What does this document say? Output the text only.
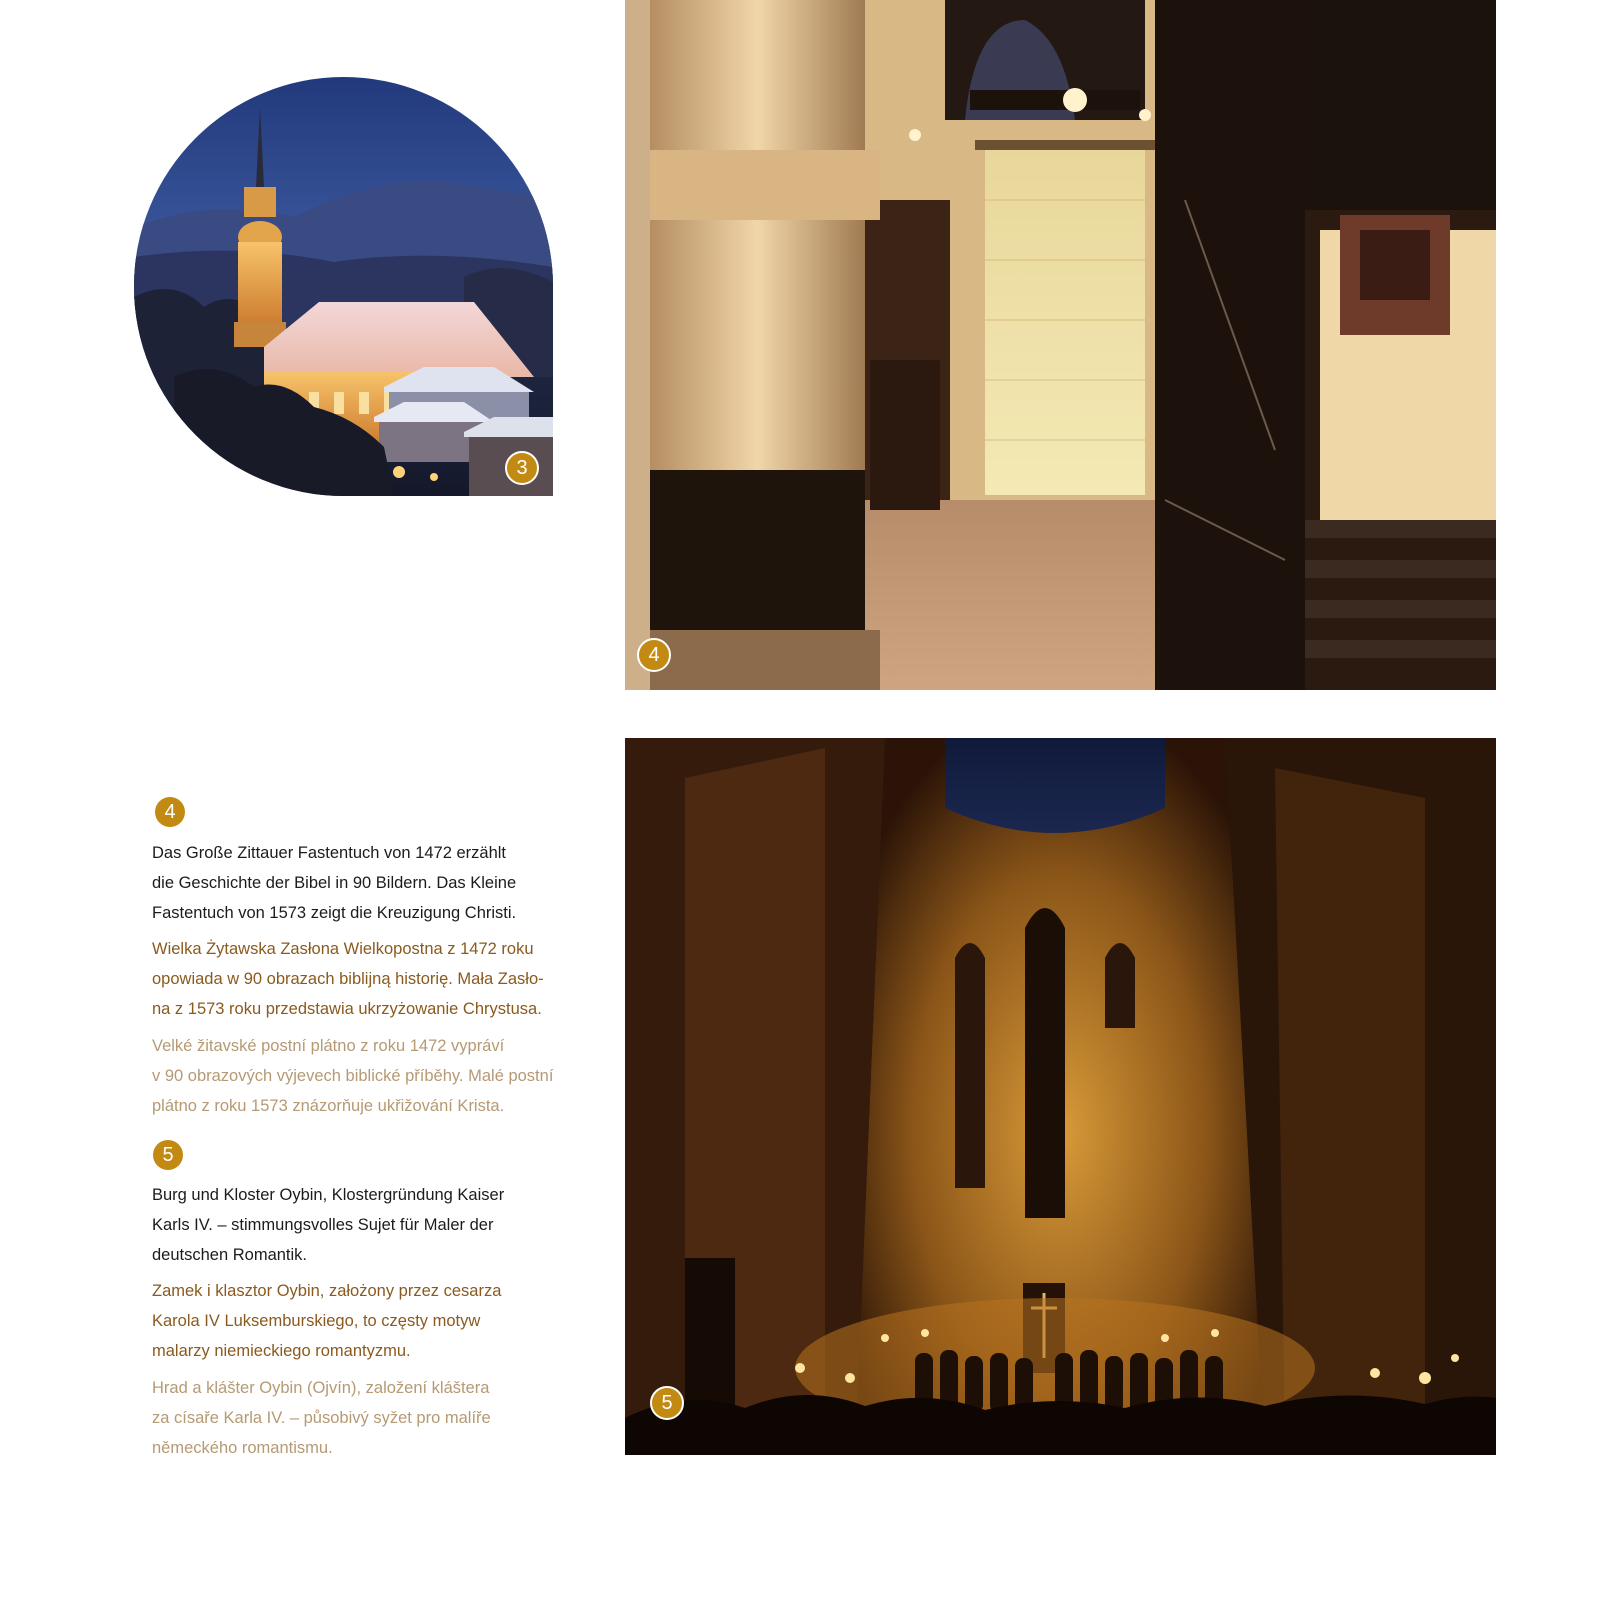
3
4
5
4

Das Große Zittauer Fastentuch von 1472 erzählt
die Geschichte der Bibel in 90 Bildern. Das Kleine
Fastentuch von 1573 zeigt die Kreuzigung Christi.

Wielka Żytawska Zasłona Wielkopostna z 1472 roku
opowiada w 90 obrazach biblijną historię. Mała Zasło-
na z 1573 roku przedstawia ukrzyżowanie Chrystusa.

Velké žitavské postní plátno z roku 1472 vypráví
v 90 obrazových výjevech biblické příběhy. Malé postní
plátno z roku 1573 znázorňuje ukřižování Krista.

5

Burg und Kloster Oybin, Klostergründung Kaiser
Karls IV. – stimmungsvolles Sujet für Maler der
deutschen Romantik.

Zamek i klasztor Oybin, założony przez cesarza
Karola IV Luksemburskiego, to częsty motyw
malarzy niemieckiego romantyzmu.

Hrad a klášter Oybin (Ojvín), založení kláštera
za císaře Karla IV. – působivý syžet pro malíře
německého romantismu.
